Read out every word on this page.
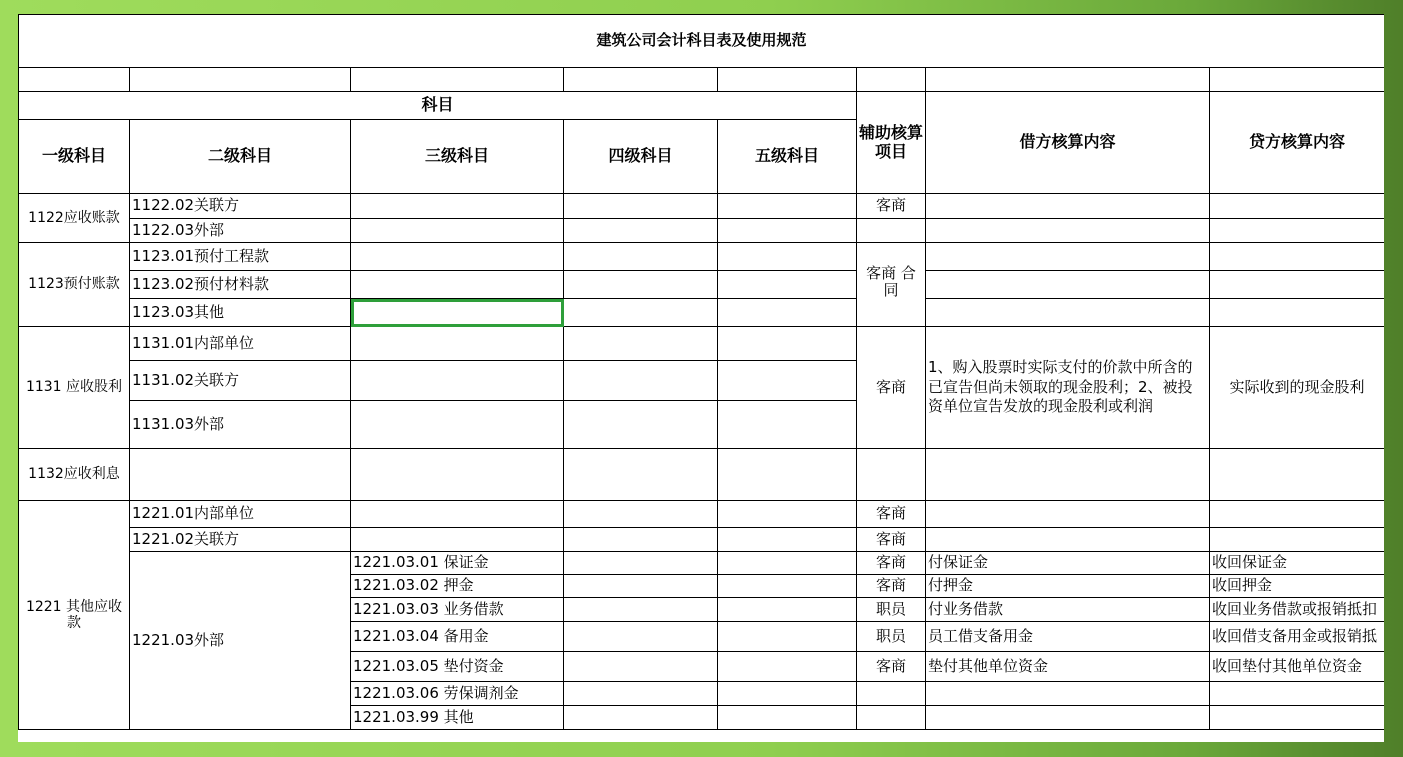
建筑公司会计科目表及使用规范							

科目					辅助核算项目	借方核算内容	贷方核算内容
一级科目	二级科目	三级科目	四级科目	五级科目			
1122应收账款	1122.02关联方				客商		
	1122.03外部						
1123预付账款	1123.01预付工程款				客商 合同		
	1123.02预付材料款						
	1123.03其他						
1131 应收股利	1131.01内部单位				客商	1、购入股票时实际支付的价款中所含的已宣告但尚未领取的现金股利；2、被投资单位宣告发放的现金股利或利润	实际收到的现金股利
	1131.02关联方						
	1131.03外部						
1132应收利息							
1221 其他应收款	1221.01内部单位				客商		
	1221.02关联方				客商		
	1221.03外部	1221.03.01 保证金			客商	付保证金	收回保证金
		1221.03.02 押金			客商	付押金	收回押金
		1221.03.03 业务借款			职员	付业务借款	收回业务借款或报销抵扣
		1221.03.04 备用金			职员	员工借支备用金	收回借支备用金或报销抵
		1221.03.05 垫付资金			客商	垫付其他单位资金	收回垫付其他单位资金
		1221.03.06 劳保调剂金					
		1221.03.99 其他					
